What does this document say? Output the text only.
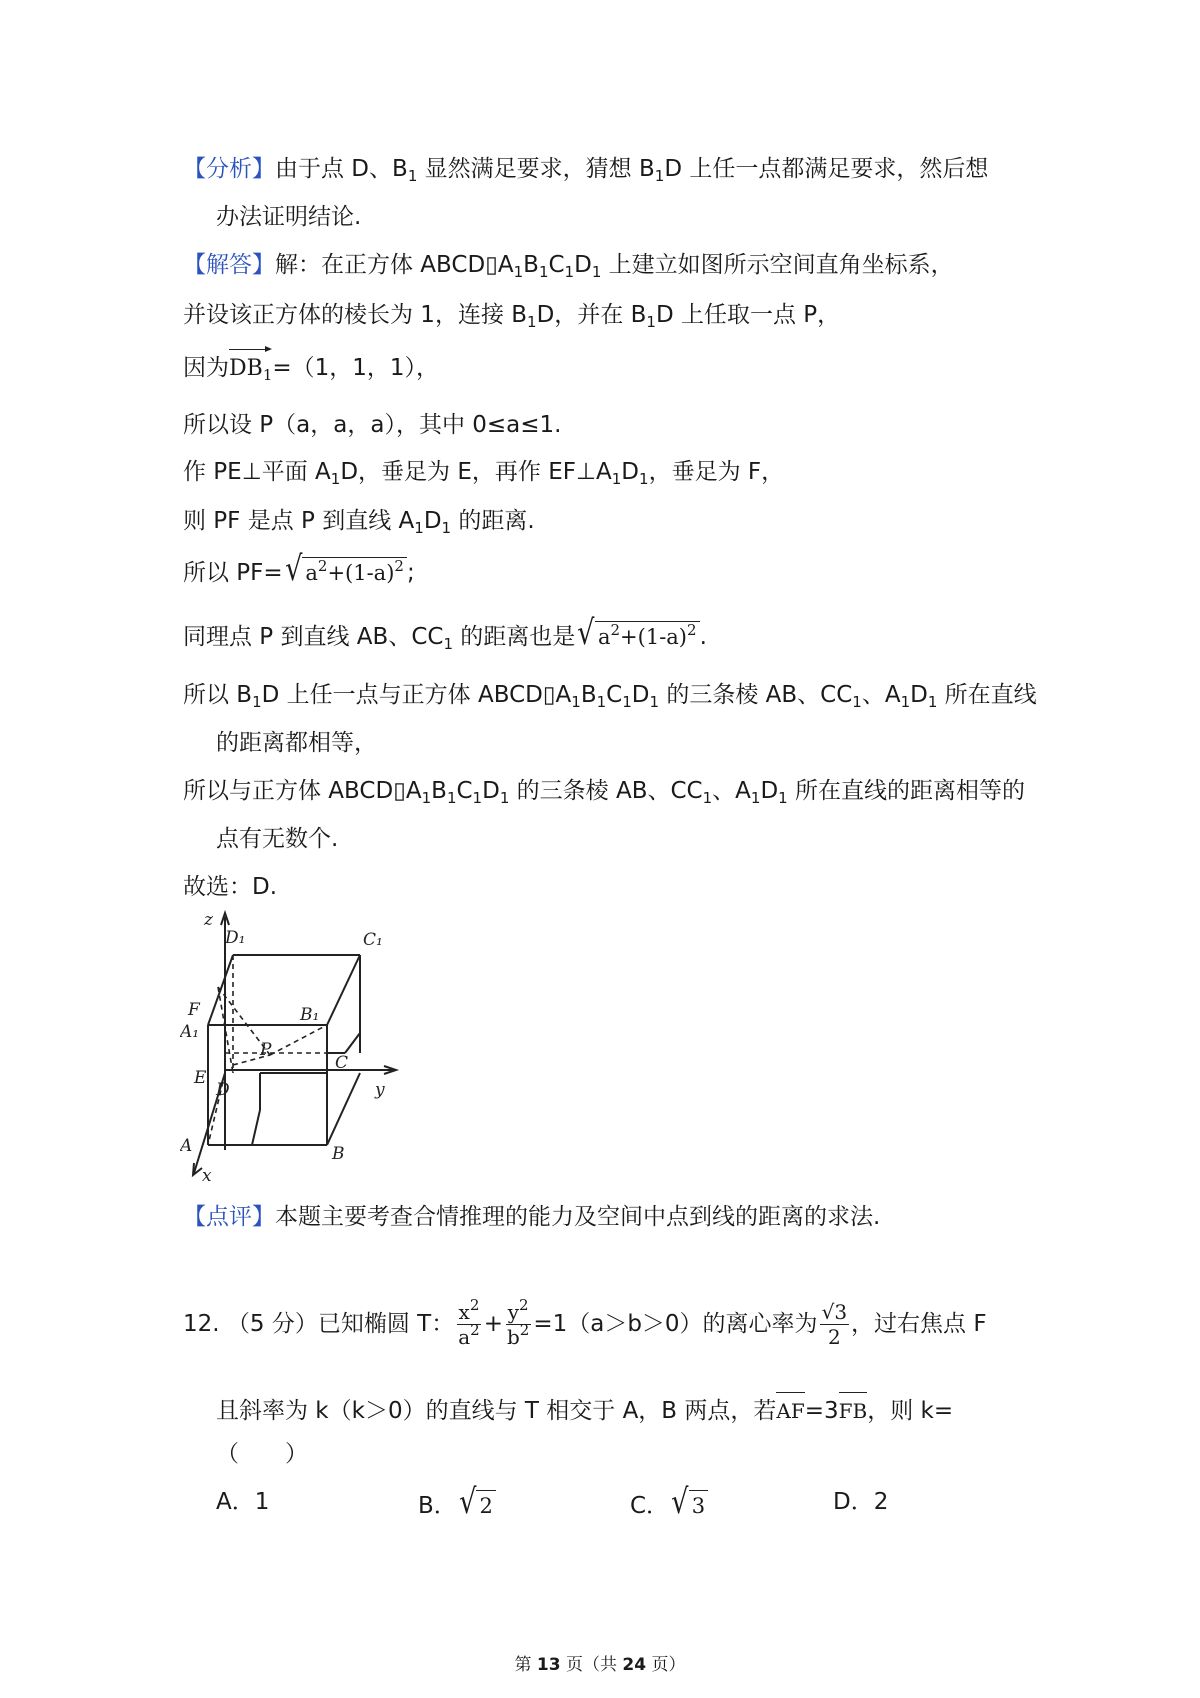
【分析】由于点 D、$B_1$ 显然满足要求，猜想 $B_1D$ 上任一点都满足要求，然后想
办法证明结论.
【解答】解：在正方体 $ABCD▯A_1B_1C_1D_1$ 上建立如图所示空间直角坐标系，
并设该正方体的棱长为 1，连接 $B_1D$，并在 $B_1D$ 上任取一点 P，
因为$DB_1=(1$，1，1），
所以设 P（a，a，a），其中 0≤a≤1.
作 PE⊥平面 $A_1D$，垂足为 E，再作 $EF\perp A_1D_1$，垂足为 F，
则 PF 是点 P 到直线 $A_1D_1$ 的距离.
所以 PF= √ $a^2+(1-a)^2$ ;
同理点 P 到直线 AB、$CC_1$ 的距离也是 √ $a^2+(1-a)^2$ .
所以 $B_1D$ 上任一点与正方体 $ABCD▯A_1B_1C_1D_1$ 的三条棱 AB、$CC_1$、$A_1D_1$ 所在直线
的距离都相等，
所以与正方体 $ABCD▯A_1B_1C_1D_1$ 的三条棱 AB、$CC_1$、$A_1D_1$ 所在直线的距离相等的
点有无数个.
故选：D.
z
D₁	C₁
F
A₁
B₁
P
E
D
C
y
A	B
x
【点评】本题主要考查合情推理的能力及空间中点到线的距离的求法.
12. （5 分）已知椭圆 T： $\frac{x^2}{a^2} + \frac{y^2}{b^2} =1(a>b>0)$的离心率为 $\frac{√3}{2}$ ，过右焦点 F
且斜率为 k（k＞0）的直线与 T 相交于 A，B 两点，若AF=3FB，则 k=
（　　）
A．1	B． √ 2	C． √ 3	D．2
第 13 页（共 24 页）
